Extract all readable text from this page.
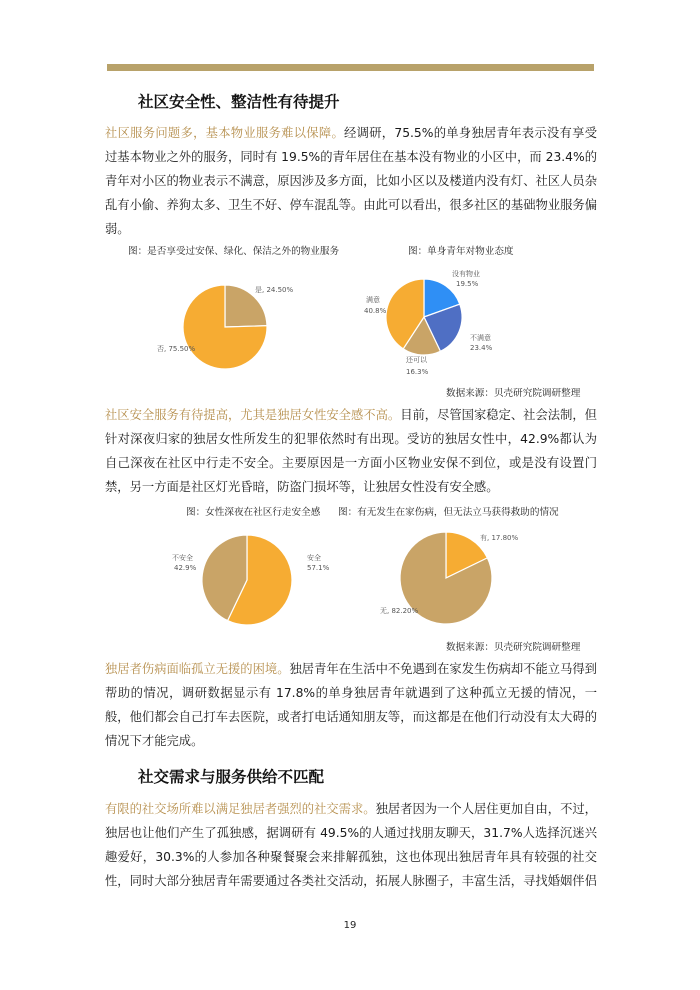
社区安全性、整洁性有待提升

社区服务问题多，基本物业服务难以保障。经调研，75.5%的单身独居青年表示没有享受过基本物业之外的服务，同时有 19.5%的青年居住在基本没有物业的小区中，而 23.4%的青年对小区的物业表示不满意，原因涉及多方面，比如小区以及楼道内没有灯、社区人员杂乱有小偷、养狗太多、卫生不好、停车混乱等。由此可以看出，很多社区的基础物业服务偏弱。

图：是否享受过安保、绿化、保洁之外的物业服务	图：单身青年对物业态度
是, 24.50%
否, 75.50%
没有物业
19.5%
不满意
23.4%
还可以
16.3%
满意
40.8%
数据来源：贝壳研究院调研整理

社区安全服务有待提高，尤其是独居女性安全感不高。目前，尽管国家稳定、社会法制，但针对深夜归家的独居女性所发生的犯罪依然时有出现。受访的独居女性中，42.9%都认为自己深夜在社区中行走不安全。主要原因是一方面小区物业安保不到位，或是没有设置门禁，另一方面是社区灯光昏暗，防盗门损坏等，让独居女性没有安全感。

图：女性深夜在社区行走安全感 图：有无发生在家伤病，但无法立马获得救助的情况
安全
57.1%
不安全
42.9%
有, 17.80%
无, 82.20%
数据来源：贝壳研究院调研整理

独居者伤病面临孤立无援的困境。独居青年在生活中不免遇到在家发生伤病却不能立马得到帮助的情况，调研数据显示有 17.8%的单身独居青年就遇到了这种孤立无援的情况，一般，他们都会自己打车去医院，或者打电话通知朋友等，而这都是在他们行动没有太大碍的情况下才能完成。

社交需求与服务供给不匹配

有限的社交场所难以满足独居者强烈的社交需求。独居者因为一个人居住更加自由，不过，独居也让他们产生了孤独感，据调研有 49.5%的人通过找朋友聊天，31.7%人选择沉迷兴趣爱好，30.3%的人参加各种聚餐聚会来排解孤独，这也体现出独居青年具有较强的社交性，同时大部分独居青年需要通过各类社交活动，拓展人脉圈子，丰富生活，寻找婚姻伴侣

19
